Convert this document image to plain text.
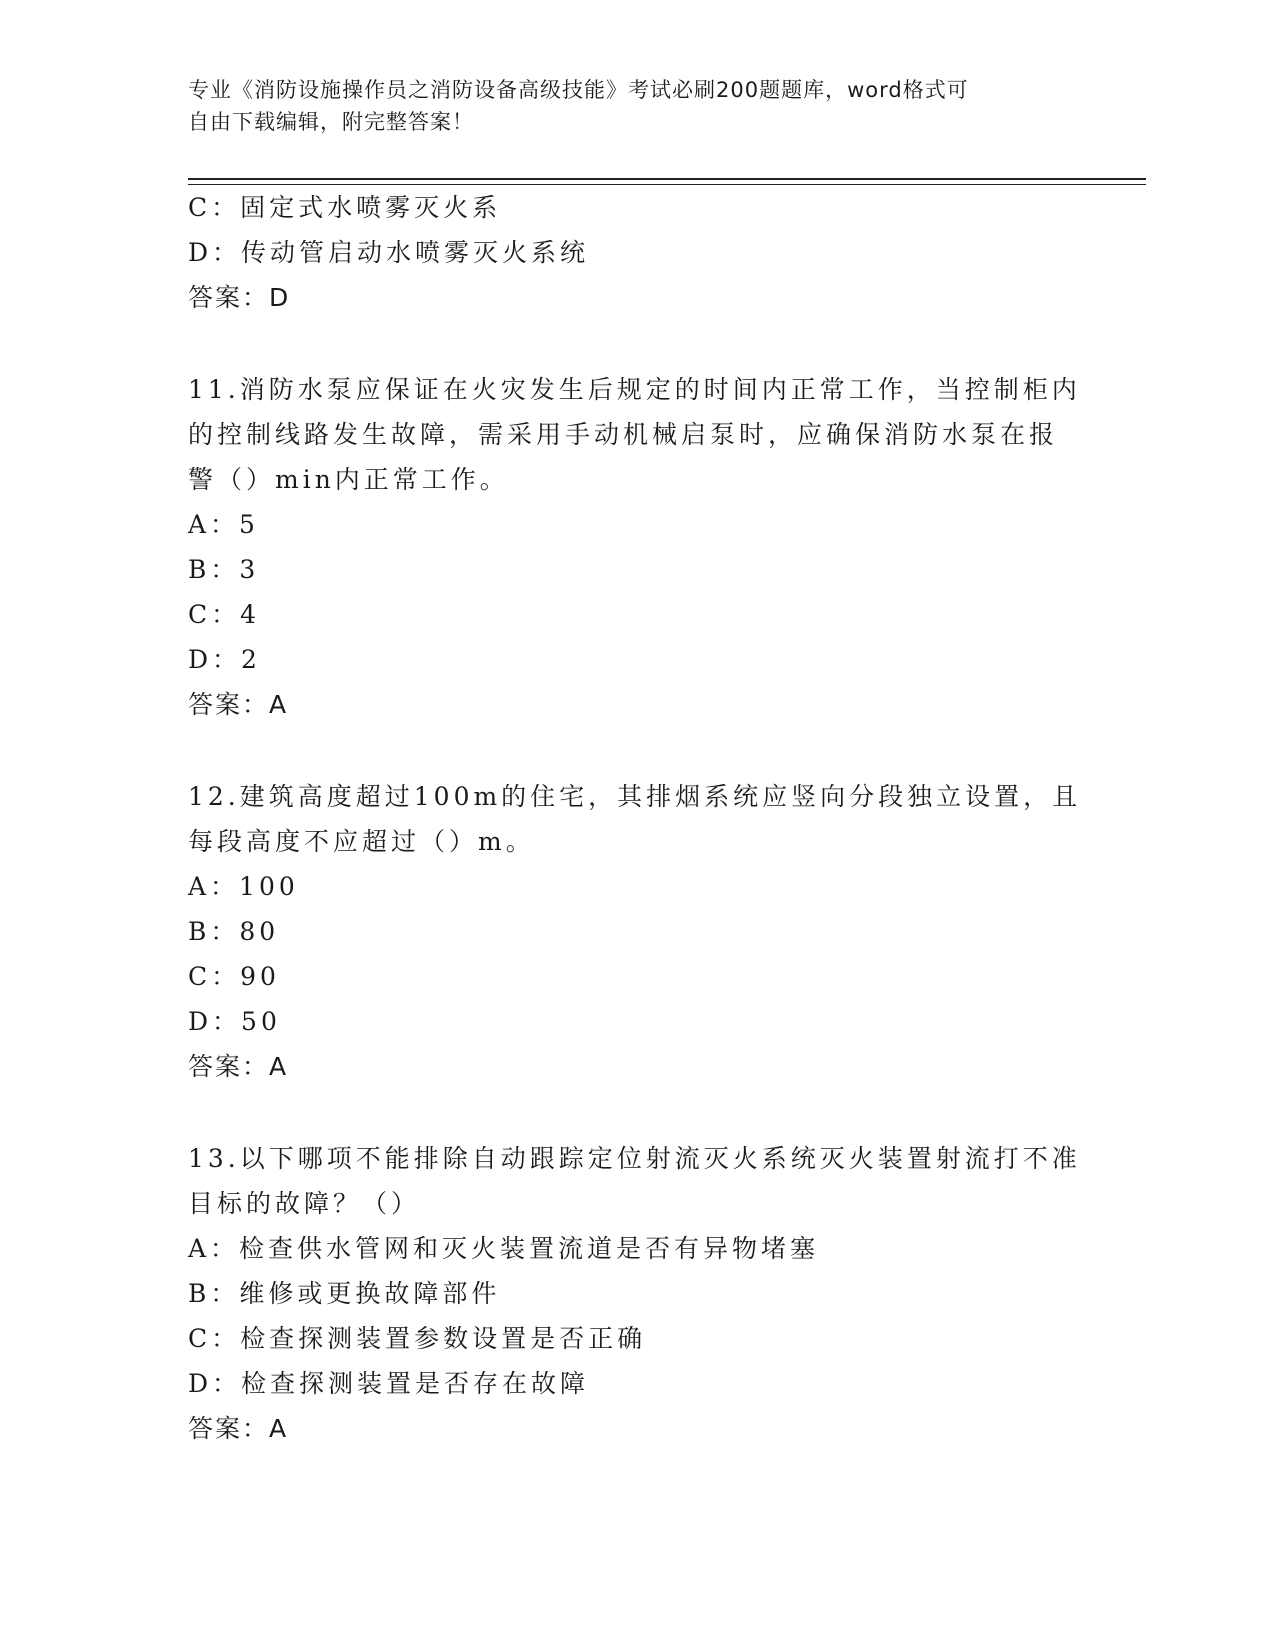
专业《消防设施操作员之消防设备高级技能》考试必刷200题题库，word格式可
自由下载编辑，附完整答案！
C：固定式水喷雾灭火系
D：传动管启动水喷雾灭火系统
答案：D
11.消防水泵应保证在火灾发生后规定的时间内正常工作，当控制柜内
的控制线路发生故障，需采用手动机械启泵时，应确保消防水泵在报
警（）min内正常工作。
A：5
B：3
C：4
D：2
答案：A
12.建筑高度超过100m的住宅，其排烟系统应竖向分段独立设置，且
每段高度不应超过（）m。
A：100
B：80
C：90
D：50
答案：A
13.以下哪项不能排除自动跟踪定位射流灭火系统灭火装置射流打不准
目标的故障？（）
A：检查供水管网和灭火装置流道是否有异物堵塞
B：维修或更换故障部件
C：检查探测装置参数设置是否正确
D：检查探测装置是否存在故障
答案：A
